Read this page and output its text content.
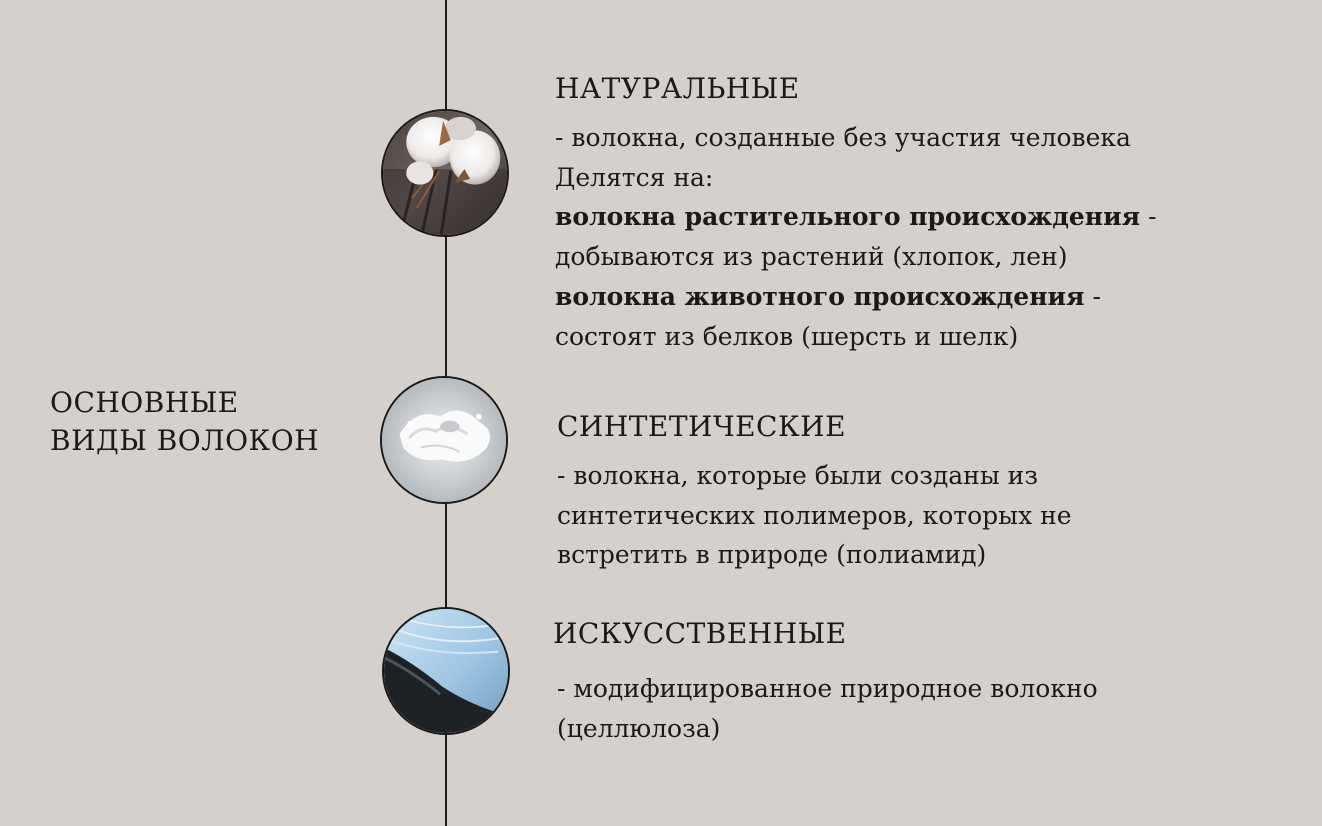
ОСНОВНЫЕ
ВИДЫ ВОЛОКОН
НАТУРАЛЬНЫЕ
- волокна, созданные без участия человека
Делятся на:
волокна растительного происхождения -
добываются из растений (хлопок, лен)
волокна животного происхождения -
состоят из белков (шерсть и шелк)
СИНТЕТИЧЕСКИЕ
- волокна, которые были созданы из
синтетических полимеров, которых не
встретить в природе (полиамид)
ИСКУССТВЕННЫЕ
- модифицированное природное волокно
(целлюлоза)
